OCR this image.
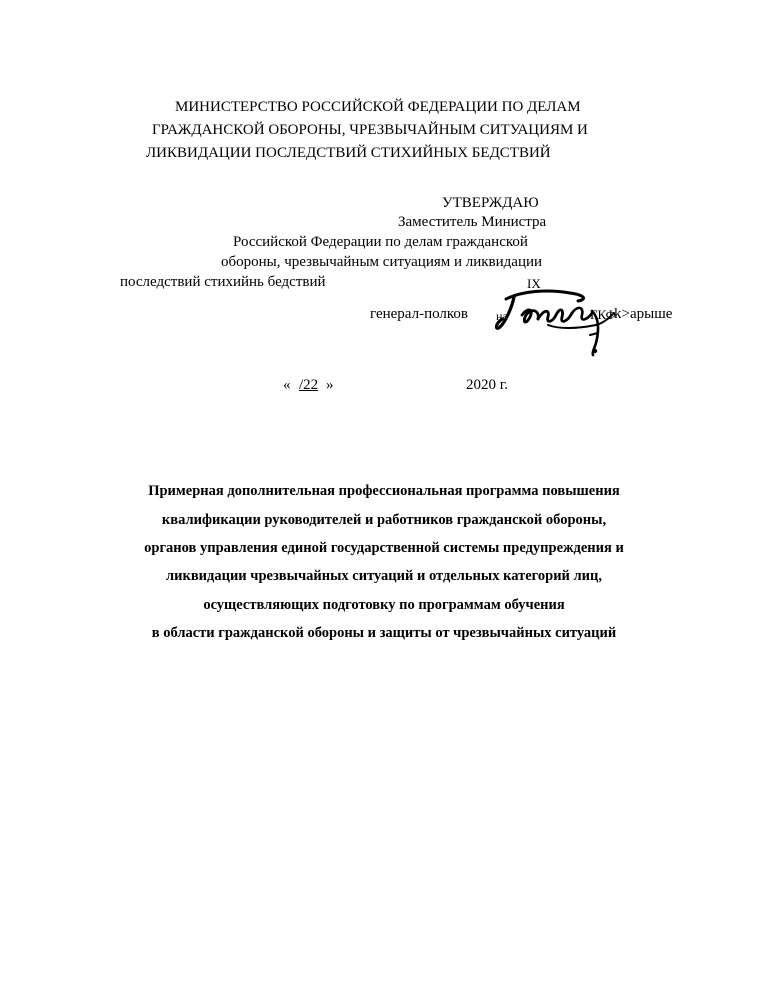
МИНИСТЕРСТВО РОССИЙСКОЙ ФЕДЕРАЦИИ ПО ДЕЛАМ
ГРАЖДАНСКОЙ ОБОРОНЫ, ЧРЕЗВЫЧАЙНЫМ СИТУАЦИЯМ И
ЛИКВИДАЦИИ ПОСЛЕДСТВИЙ СТИХИЙНЫХ БЕДСТВИЙ
УТВЕРЖДАЮ
Заместитель Министра
Российской Федерации по делам гражданской
обороны, чрезвычайным ситуациям и ликвидации
последствий стихийнь бедствий	IX
генерал-полков на	ГКФ
k>арыше
« /22 »	2020 г.
Примерная дополнительная профессиональная программа повышения
квалификации руководителей и работников гражданской обороны,
органов управления единой государственной системы предупреждения и
ликвидации чрезвычайных ситуаций и отдельных категорий лиц,
осуществляющих подготовку по программам обучения
в области гражданской обороны и защиты от чрезвычайных ситуаций
